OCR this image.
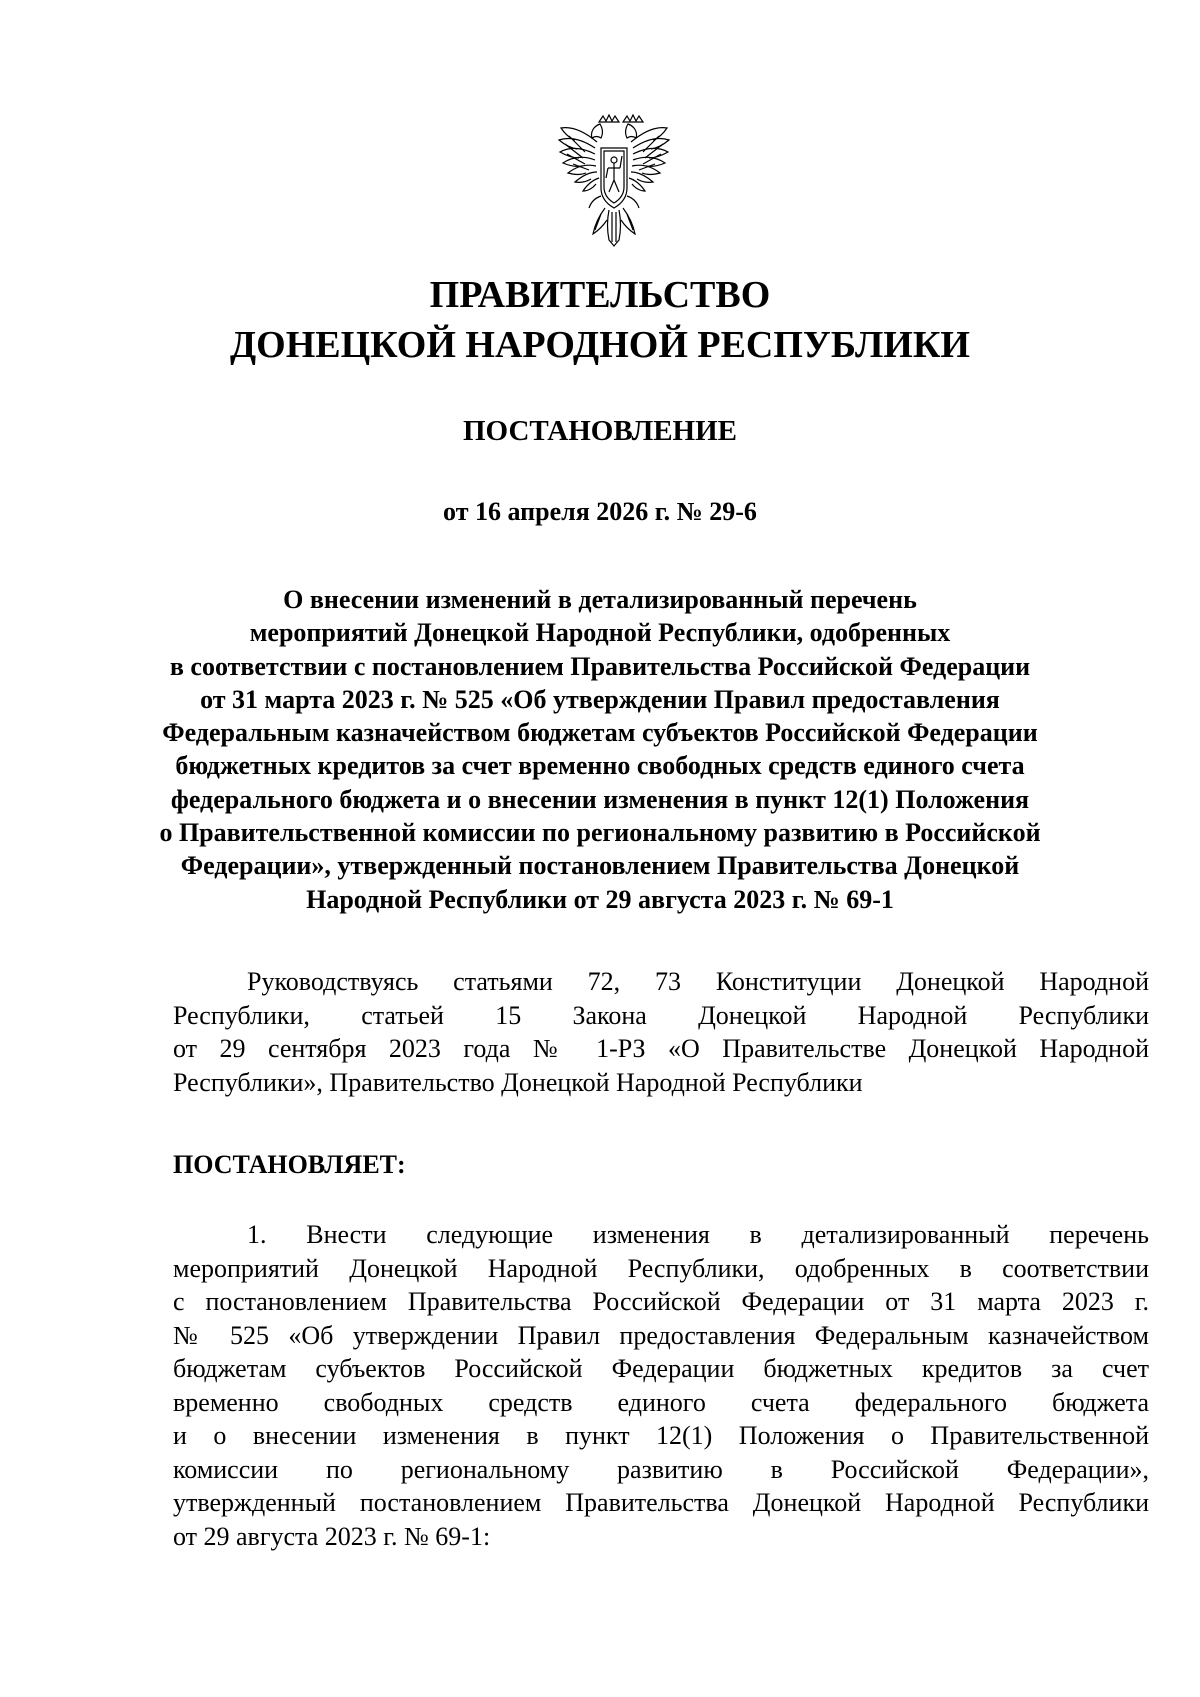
ПРАВИТЕЛЬСТВО
ДОНЕЦКОЙ НАРОДНОЙ РЕСПУБЛИКИ
ПОСТАНОВЛЕНИЕ
от 16 апреля 2026 г. № 29-6
О внесении изменений в детализированный перечень
мероприятий Донецкой Народной Республики, одобренных
в соответствии с постановлением Правительства Российской Федерации
от 31 марта 2023 г. № 525 «Об утверждении Правил предоставления
Федеральным казначейством бюджетам субъектов Российской Федерации
бюджетных кредитов за счет временно свободных средств единого счета
федерального бюджета и о внесении изменения в пункт 12(1) Положения
о Правительственной комиссии по региональному развитию в Российской
Федерации», утвержденный постановлением Правительства Донецкой
Народной Республики от 29 августа 2023 г. № 69-1
Руководствуясь статьями 72, 73 Конституции Донецкой Народной
Республики, статьей 15 Закона Донецкой Народной Республики
от 29 сентября 2023 года № 1-РЗ «О Правительстве Донецкой Народной
Республики», Правительство Донецкой Народной Республики
ПОСТАНОВЛЯЕТ:
1. Внести следующие изменения в детализированный перечень
мероприятий Донецкой Народной Республики, одобренных в соответствии
с постановлением Правительства Российской Федерации от 31 марта 2023 г.
№ 525 «Об утверждении Правил предоставления Федеральным казначейством
бюджетам субъектов Российской Федерации бюджетных кредитов за счет
временно свободных средств единого счета федерального бюджета
и о внесении изменения в пункт 12(1) Положения о Правительственной
комиссии по региональному развитию в Российской Федерации»,
утвержденный постановлением Правительства Донецкой Народной Республики
от 29 августа 2023 г. № 69-1:
